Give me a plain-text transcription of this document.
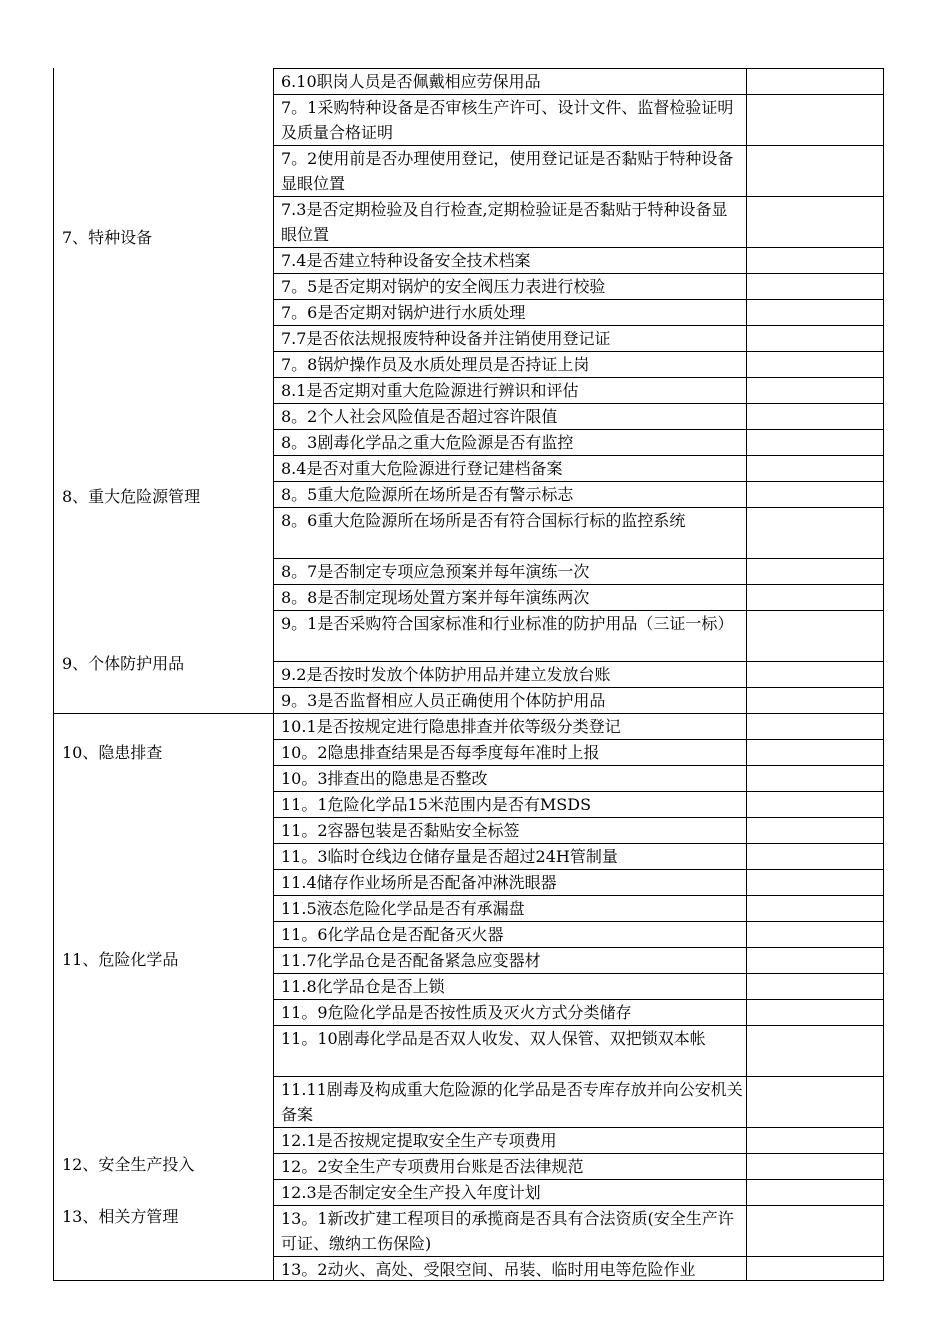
7、特种设备
8、重大危险源管理
9、个体防护用品
10、隐患排查
11、危险化学品
12、安全生产投入
13、相关方管理
6.10职岗人员是否佩戴相应劳保用品
7。1采购特种设备是否审核生产许可、设计文件、监督检验证明及质量合格证明
7。2使用前是否办理使用登记，使用登记证是否黏贴于特种设备显眼位置
7.3是否定期检验及自行检查,定期检验证是否黏贴于特种设备显眼位置
7.4是否建立特种设备安全技术档案
7。5是否定期对锅炉的安全阀压力表进行校验
7。6是否定期对锅炉进行水质处理
7.7是否依法规报废特种设备并注销使用登记证
7。8锅炉操作员及水质处理员是否持证上岗
8.1是否定期对重大危险源进行辨识和评估
8。2个人社会风险值是否超过容许限值
8。3剧毒化学品之重大危险源是否有监控
8.4是否对重大危险源进行登记建档备案
8。5重大危险源所在场所是否有警示标志
8。6重大危险源所在场所是否有符合国标行标的监控系统
8。7是否制定专项应急预案并每年演练一次
8。8是否制定现场处置方案并每年演练两次
9。1是否采购符合国家标准和行业标准的防护用品（三证一标）
9.2是否按时发放个体防护用品并建立发放台账
9。3是否监督相应人员正确使用个体防护用品
10.1是否按规定进行隐患排查并依等级分类登记
10。2隐患排查结果是否每季度每年准时上报
10。3排查出的隐患是否整改
11。1危险化学品15米范围内是否有MSDS
11。2容器包装是否黏贴安全标签
11。3临时仓线边仓储存量是否超过24H管制量
11.4储存作业场所是否配备冲淋洗眼器
11.5液态危险化学品是否有承漏盘
11。6化学品仓是否配备灭火器
11.7化学品仓是否配备紧急应变器材
11.8化学品仓是否上锁
11。9危险化学品是否按性质及灭火方式分类储存
11。10剧毒化学品是否双人收发、双人保管、双把锁双本帐
11.11剧毒及构成重大危险源的化学品是否专库存放并向公安机关备案
12.1是否按规定提取安全生产专项费用
12。2安全生产专项费用台账是否法律规范
12.3是否制定安全生产投入年度计划
13。1新改扩建工程项目的承揽商是否具有合法资质(安全生产许可证、缴纳工伤保险)
13。2动火、高处、受限空间、吊装、临时用电等危险作业
